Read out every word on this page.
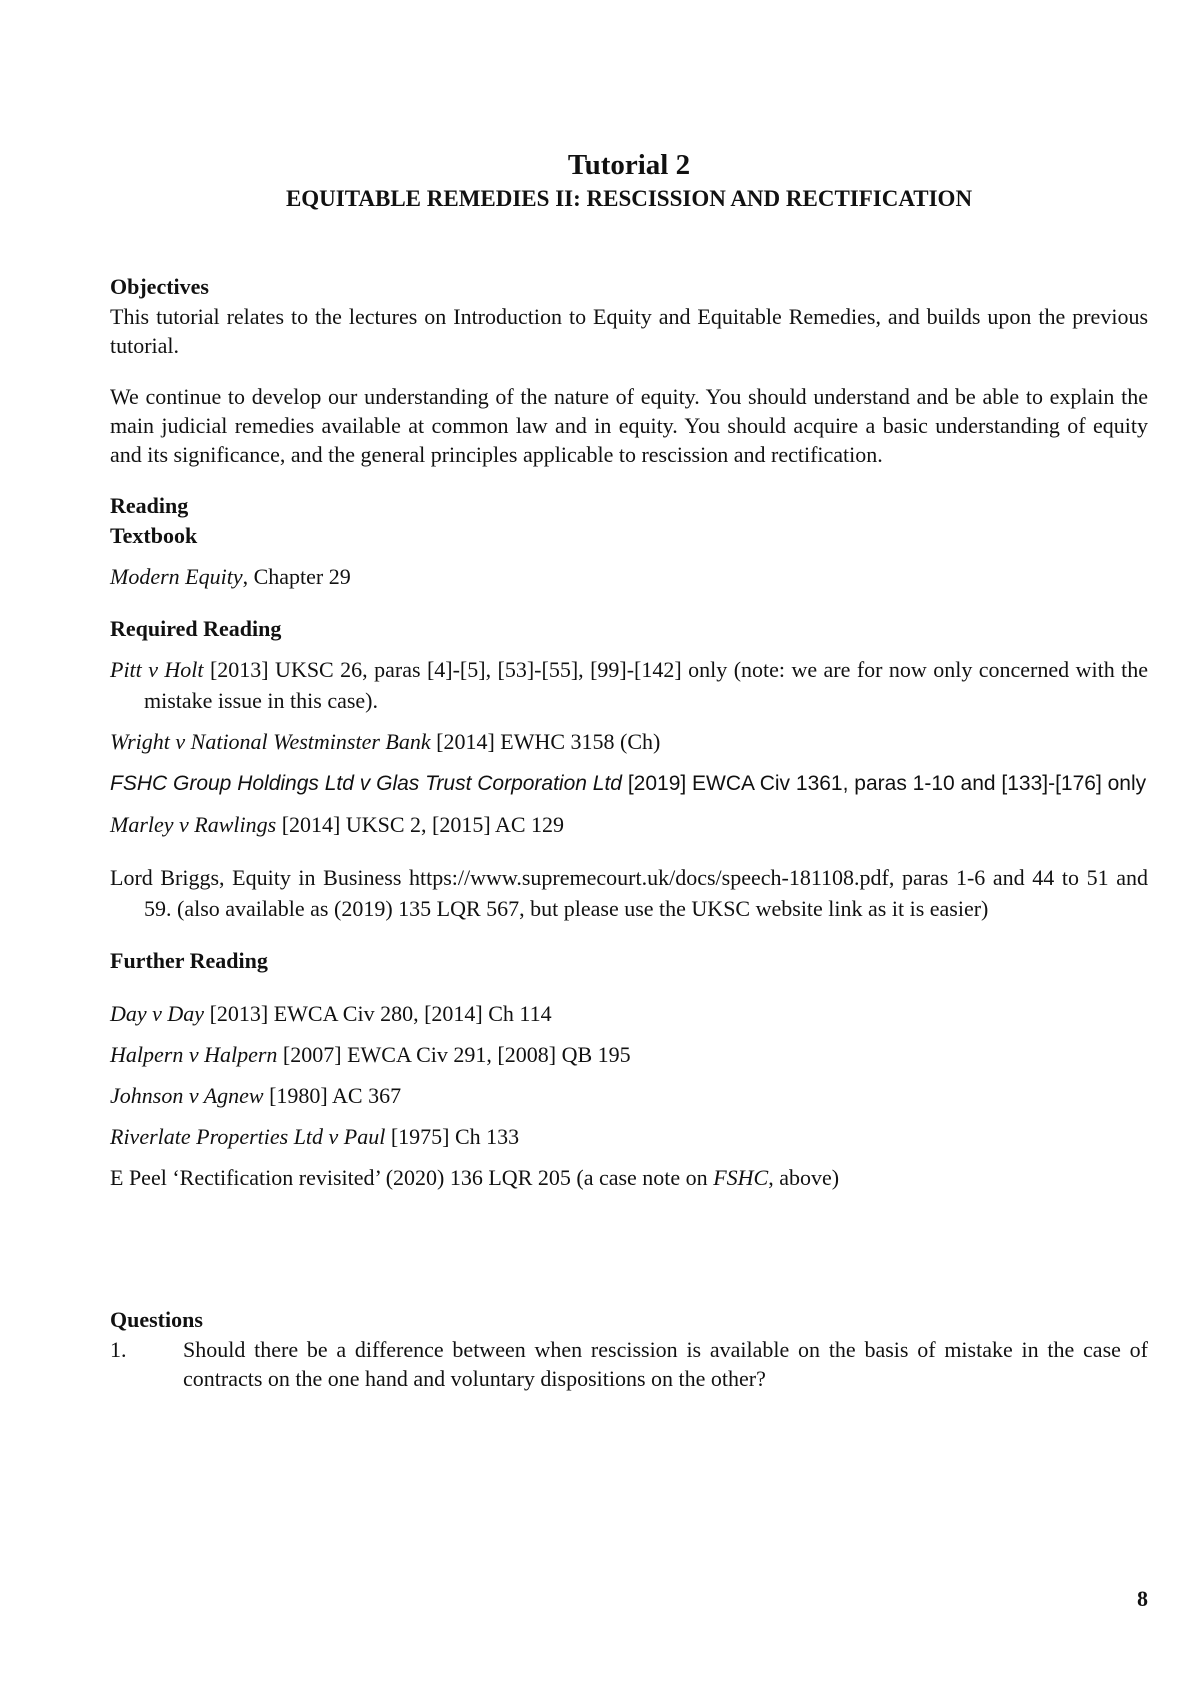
Tutorial 2
EQUITABLE REMEDIES II: RESCISSION AND RECTIFICATION
Objectives

This tutorial relates to the lectures on Introduction to Equity and Equitable Remedies, and builds upon the previous tutorial.

We continue to develop our understanding of the nature of equity. You should understand and be able to explain the main judicial remedies available at common law and in equity. You should acquire a basic understanding of equity and its significance, and the general principles applicable to rescission and rectification.

Reading
Textbook

Modern Equity, Chapter 29

Required Reading

Pitt v Holt [2013] UKSC 26, paras [4]-[5], [53]-[55], [99]-[142] only (note: we are for now only concerned with the mistake issue in this case).

Wright v National Westminster Bank [2014] EWHC 3158 (Ch)

FSHC Group Holdings Ltd v Glas Trust Corporation Ltd [2019] EWCA Civ 1361, paras 1-10 and [133]-[176] only

Marley v Rawlings [2014] UKSC 2, [2015] AC 129

Lord Briggs, Equity in Business https://www.supremecourt.uk/docs/speech-181108.pdf, paras 1-6 and 44 to 51 and 59. (also available as (2019) 135 LQR 567, but please use the UKSC website link as it is easier)

Further Reading

Day v Day [2013] EWCA Civ 280, [2014] Ch 114

Halpern v Halpern [2007] EWCA Civ 291, [2008] QB 195

Johnson v Agnew [1980] AC 367

Riverlate Properties Ltd v Paul [1975] Ch 133

E Peel ‘Rectification revisited’ (2020) 136 LQR 205 (a case note on FSHC, above)

Questions
1.	Should there be a difference between when rescission is available on the basis of mistake in the case of contracts on the one hand and voluntary dispositions on the other?
8
